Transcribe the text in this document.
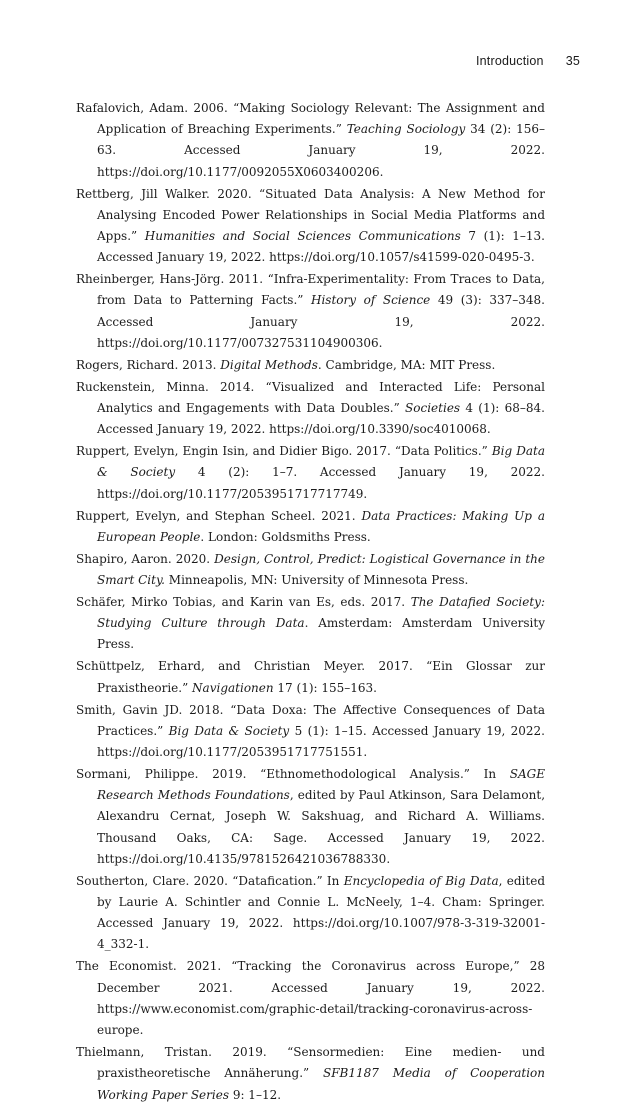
Introduction 35

Rafalovich, Adam. 2006. “Making Sociology Relevant: The Assignment and Application of Breaching Experiments.” Teaching Sociology 34 (2): 156–63. Accessed January 19, 2022. https://doi.org/10.1177/0092055X0603400206.

Rettberg, Jill Walker. 2020. “Situated Data Analysis: A New Method for Analysing Encoded Power Relationships in Social Media Platforms and Apps.” Humanities and Social Sciences Communications 7 (1): 1–13. Accessed January 19, 2022. https://doi.org/10.1057/s41599-020-0495-3.

Rheinberger, Hans-Jörg. 2011. “Infra-Experimentality: From Traces to Data, from Data to Patterning Facts.” History of Science 49 (3): 337–348. Accessed January 19, 2022. https://doi.org/10.1177/007327531104900306.

Rogers, Richard. 2013. Digital Methods. Cambridge, MA: MIT Press.

Ruckenstein, Minna. 2014. “Visualized and Interacted Life: Personal Analytics and Engagements with Data Doubles.” Societies 4 (1): 68–84. Accessed January 19, 2022. https://doi.org/10.3390/soc4010068.

Ruppert, Evelyn, Engin Isin, and Didier Bigo. 2017. “Data Politics.” Big Data & Society 4 (2): 1–7. Accessed January 19, 2022. https://doi.org/10.1177/2053951717717749.

Ruppert, Evelyn, and Stephan Scheel. 2021. Data Practices: Making Up a European People. London: Goldsmiths Press.

Shapiro, Aaron. 2020. Design, Control, Predict: Logistical Governance in the Smart City. Minneapolis, MN: University of Minnesota Press.

Schäfer, Mirko Tobias, and Karin van Es, eds. 2017. The Datafied Society: Studying Culture through Data. Amsterdam: Amsterdam University Press.

Schüttpelz, Erhard, and Christian Meyer. 2017. “Ein Glossar zur Praxistheorie.” Navigationen 17 (1): 155–163.

Smith, Gavin JD. 2018. “Data Doxa: The Affective Consequences of Data Practices.” Big Data & Society 5 (1): 1–15. Accessed January 19, 2022. https://doi.org/10.1177/2053951717751551.

Sormani, Philippe. 2019. “Ethnomethodological Analysis.” In SAGE Research Methods Foundations, edited by Paul Atkinson, Sara Delamont, Alexandru Cernat, Joseph W. Sakshuag, and Richard A. Williams. Thousand Oaks, CA: Sage. Accessed January 19, 2022. https://doi.org/10.4135/9781526421036788330.

Southerton, Clare. 2020. “Datafication.” In Encyclopedia of Big Data, edited by Laurie A. Schintler and Connie L. McNeely, 1–4. Cham: Springer. Accessed January 19, 2022. https://doi.org/10.1007/978-3-319-32001-4_332-1.

The Economist. 2021. “Tracking the Coronavirus across Europe,” 28 December 2021. Accessed January 19, 2022. https://www.economist.com/graphic-detail/tracking-coronavirus-across-europe.

Thielmann, Tristan. 2019. “Sensormedien: Eine medien- und praxistheoretische Annäherung.” SFB1187 Media of Cooperation Working Paper Series 9: 1–12.
